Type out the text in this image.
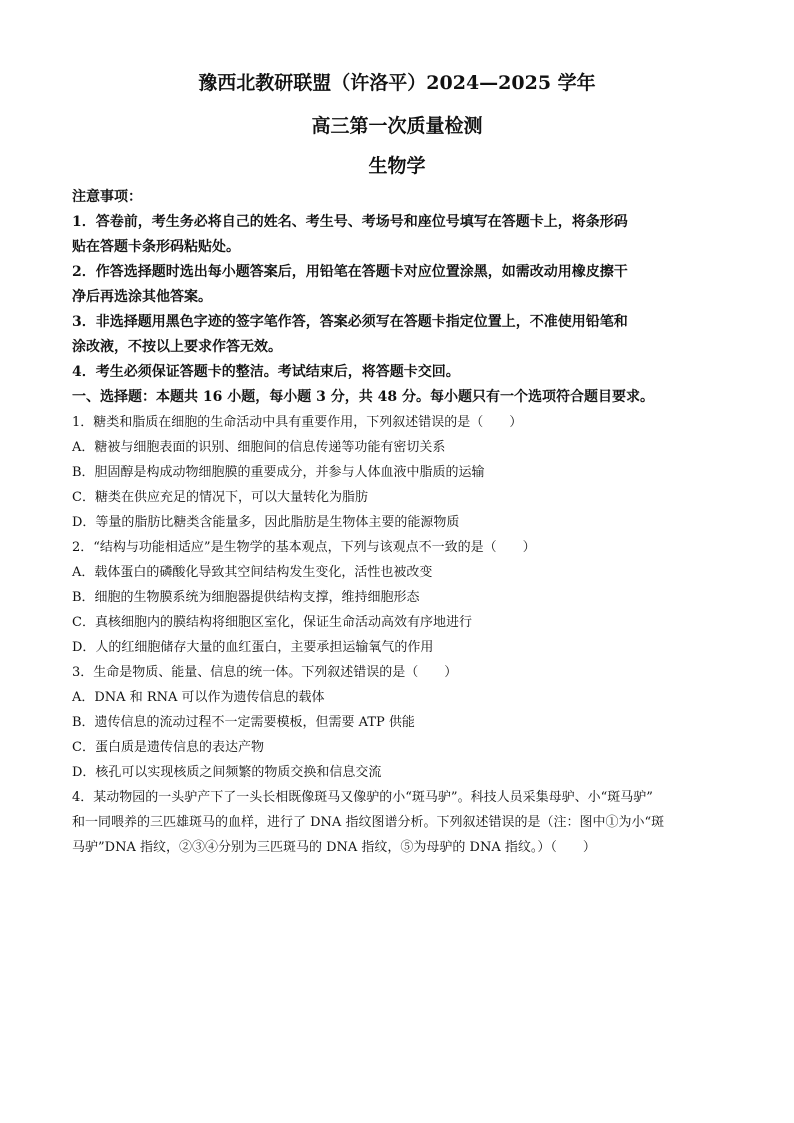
豫西北教研联盟（许洛平）2024—2025 学年
高三第一次质量检测
生物学
注意事项：
1．答卷前，考生务必将自己的姓名、考生号、考场号和座位号填写在答题卡上，将条形码
贴在答题卡条形码粘贴处。
2．作答选择题时选出每小题答案后，用铅笔在答题卡对应位置涂黑，如需改动用橡皮擦干
净后再选涂其他答案。
3．非选择题用黑色字迹的签字笔作答，答案必须写在答题卡指定位置上，不准使用铅笔和
涂改液，不按以上要求作答无效。
4．考生必须保证答题卡的整洁。考试结束后，将答题卡交回。
一、选择题：本题共 16 小题，每小题 3 分，共 48 分。每小题只有一个选项符合题目要求。
1．糖类和脂质在细胞的生命活动中具有重要作用，下列叙述错误的是（　　）
A．糖被与细胞表面的识别、细胞间的信息传递等功能有密切关系
B．胆固醇是构成动物细胞膜的重要成分，并参与人体血液中脂质的运输
C．糖类在供应充足的情况下，可以大量转化为脂肪
D．等量的脂肪比糖类含能量多，因此脂肪是生物体主要的能源物质
2．“结构与功能相适应”是生物学的基本观点，下列与该观点不一致的是（　　）
A．载体蛋白的磷酸化导致其空间结构发生变化，活性也被改变
B．细胞的生物膜系统为细胞器提供结构支撑，维持细胞形态
C．真核细胞内的膜结构将细胞区室化，保证生命活动高效有序地进行
D．人的红细胞储存大量的血红蛋白，主要承担运输氧气的作用
3．生命是物质、能量、信息的统一体。下列叙述错误的是（　　）
A．DNA 和 RNA 可以作为遗传信息的载体
B．遗传信息的流动过程不一定需要模板，但需要 ATP 供能
C．蛋白质是遗传信息的表达产物
D．核孔可以实现核质之间频繁的物质交换和信息交流
4．某动物园的一头驴产下了一头长相既像斑马又像驴的小“斑马驴”。科技人员采集母驴、小“斑马驴”
和一同喂养的三匹雄斑马的血样，进行了 DNA 指纹图谱分析。下列叙述错误的是（注：图中①为小“斑
马驴”DNA 指纹，②③④分别为三匹斑马的 DNA 指纹，⑤为母驴的 DNA 指纹。）（　　）
